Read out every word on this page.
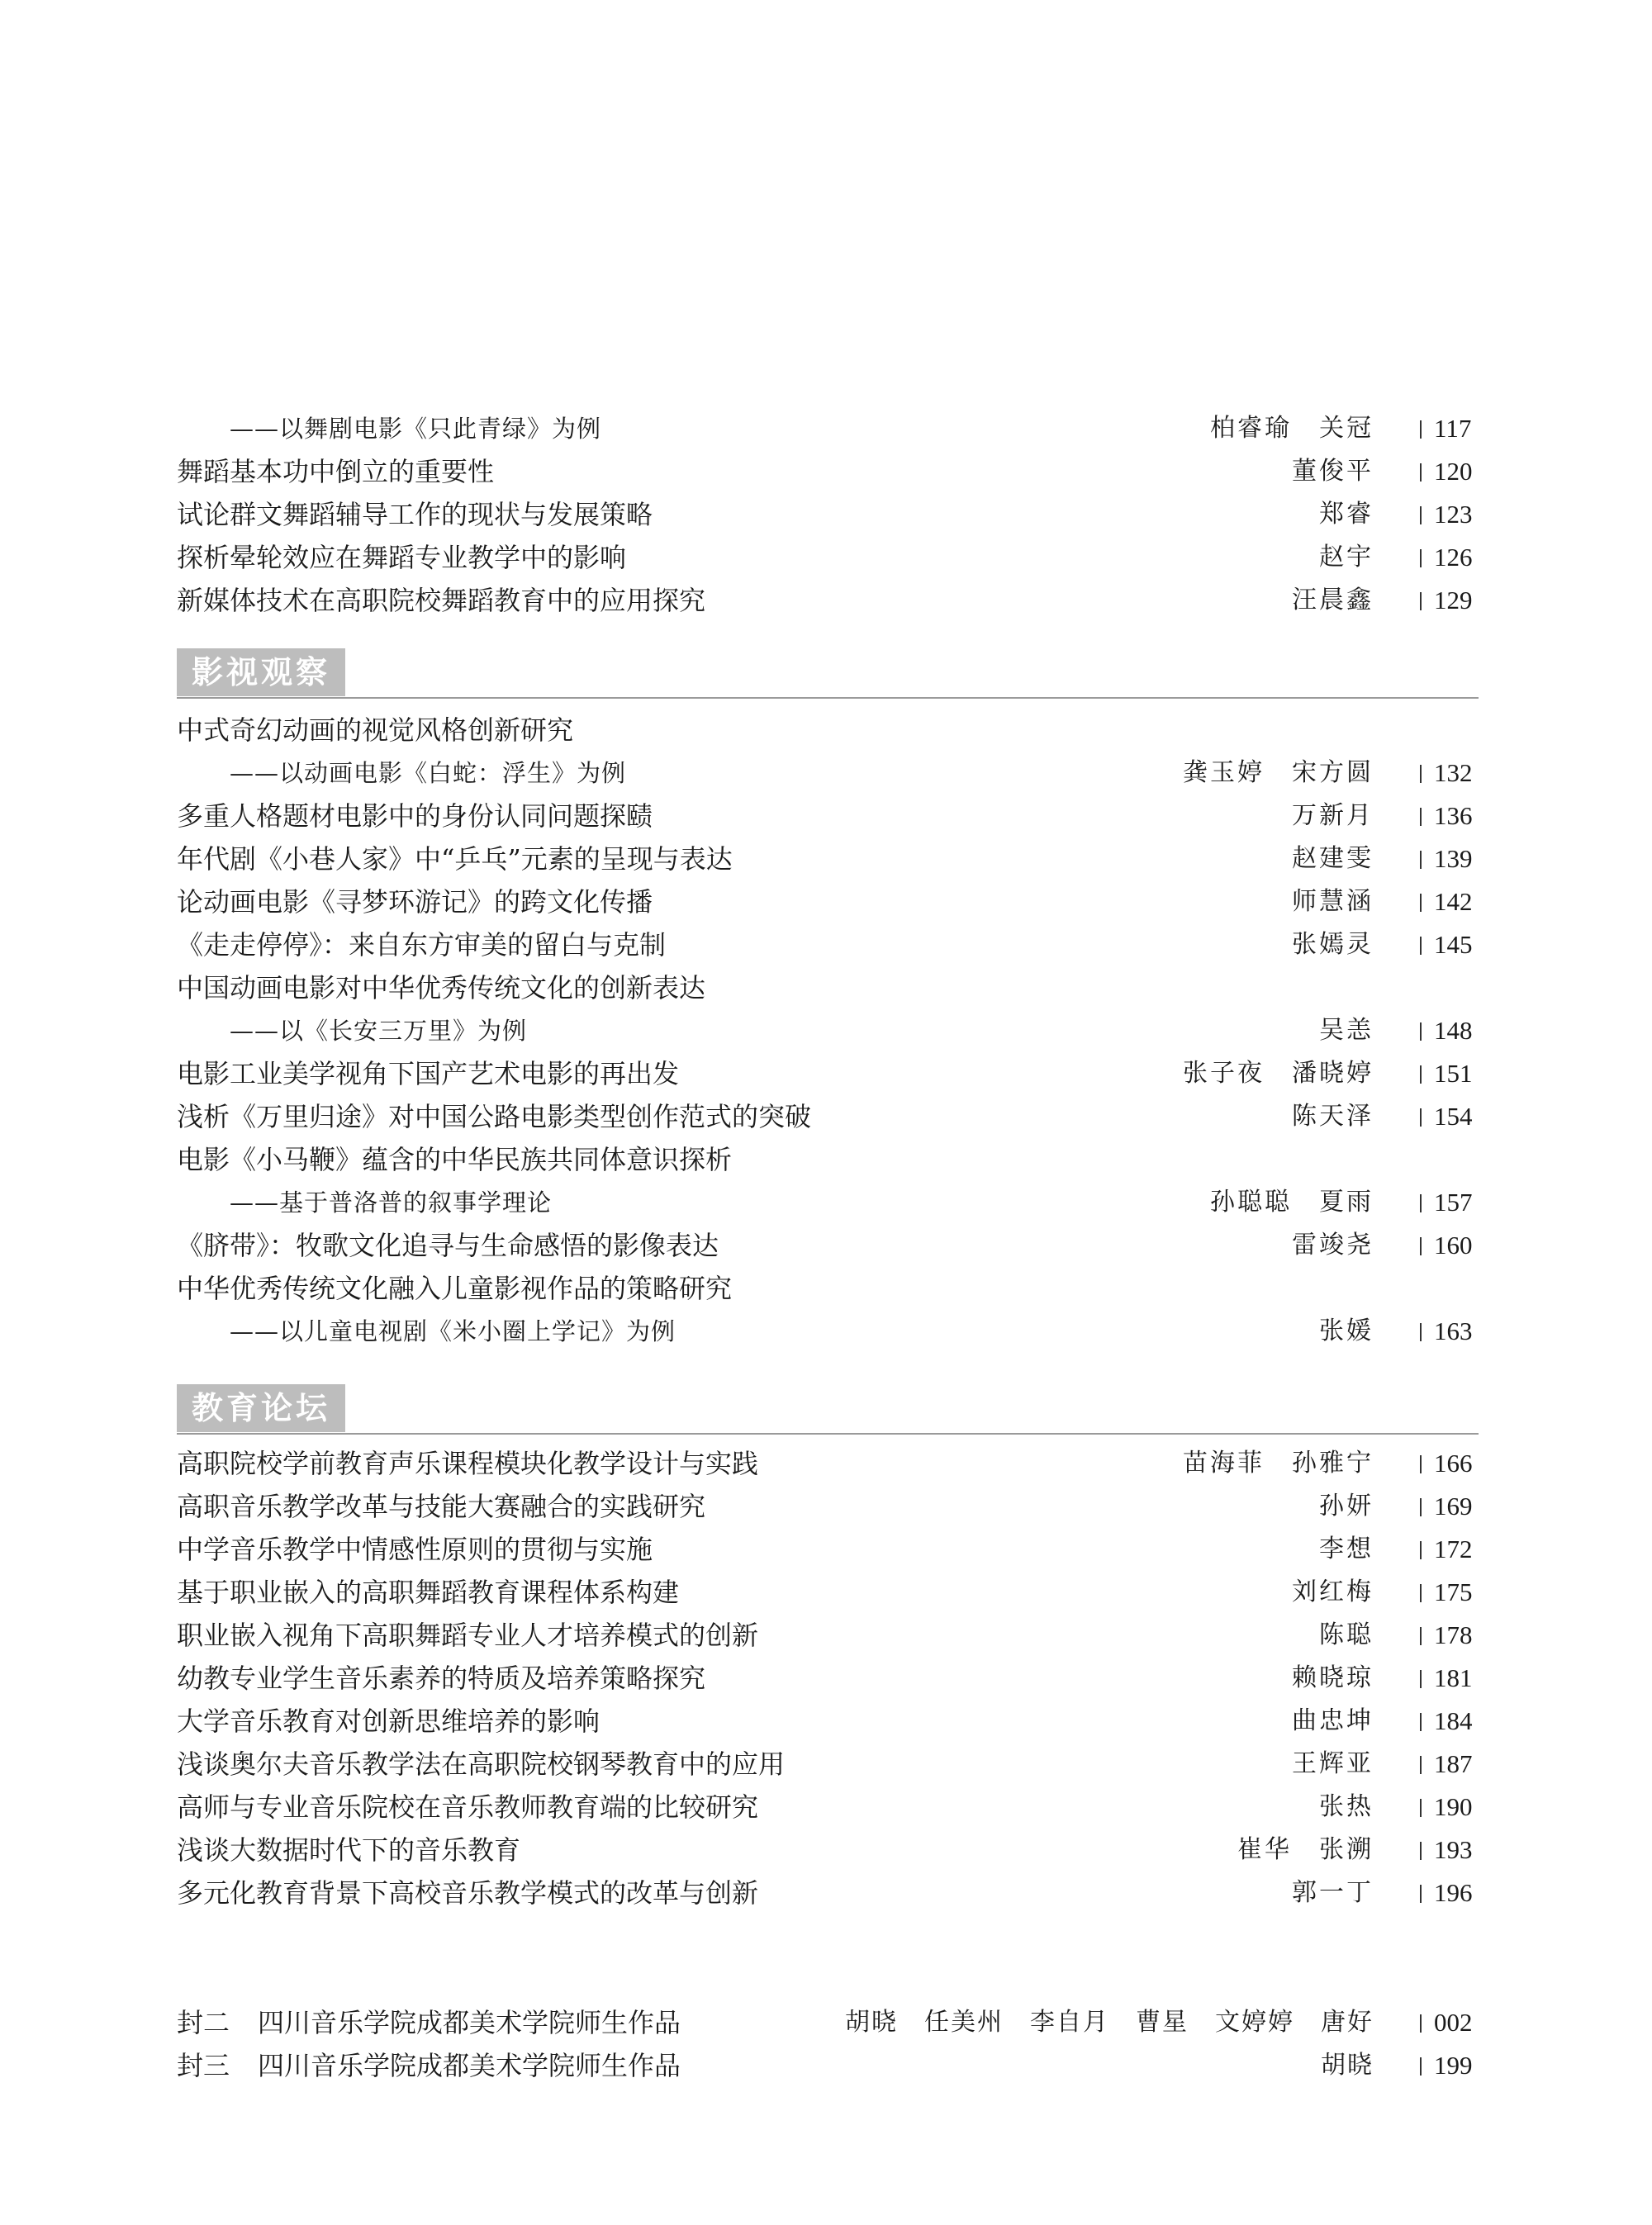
——以舞剧电影《只此青绿》为例	柏睿瑜　关冠 117
舞蹈基本功中倒立的重要性	董俊平 120
试论群文舞蹈辅导工作的现状与发展策略	郑睿 123
探析晕轮效应在舞蹈专业教学中的影响	赵宇 126
新媒体技术在高职院校舞蹈教育中的应用探究	汪晨鑫 129
影视观察
中式奇幻动画的视觉风格创新研究
——以动画电影《白蛇：浮生》为例	龚玉婷　宋方圆 132
多重人格题材电影中的身份认同问题探赜	万新月 136
年代剧《小巷人家》中“乒乓”元素的呈现与表达	赵建雯 139
论动画电影《寻梦环游记》的跨文化传播	师慧涵 142
《走走停停》：来自东方审美的留白与克制	张嫣灵 145
中国动画电影对中华优秀传统文化的创新表达
——以《长安三万里》为例	吴恙 148
电影工业美学视角下国产艺术电影的再出发	张子夜　潘晓婷 151
浅析《万里归途》对中国公路电影类型创作范式的突破	陈天泽 154
电影《小马鞭》蕴含的中华民族共同体意识探析
——基于普洛普的叙事学理论	孙聪聪　夏雨 157
《脐带》：牧歌文化追寻与生命感悟的影像表达	雷竣尧 160
中华优秀传统文化融入儿童影视作品的策略研究
——以儿童电视剧《米小圈上学记》为例	张媛 163
教育论坛
高职院校学前教育声乐课程模块化教学设计与实践	苗海菲　孙雅宁 166
高职音乐教学改革与技能大赛融合的实践研究	孙妍 169
中学音乐教学中情感性原则的贯彻与实施	李想 172
基于职业嵌入的高职舞蹈教育课程体系构建	刘红梅 175
职业嵌入视角下高职舞蹈专业人才培养模式的创新	陈聪 178
幼教专业学生音乐素养的特质及培养策略探究	赖晓琼 181
大学音乐教育对创新思维培养的影响	曲忠坤 184
浅谈奥尔夫音乐教学法在高职院校钢琴教育中的应用	王辉亚 187
高师与专业音乐院校在音乐教师教育端的比较研究	张热 190
浅谈大数据时代下的音乐教育	崔华　张溯 193
多元化教育背景下高校音乐教学模式的改革与创新	郭一丁 196
封二 四川音乐学院成都美术学院师生作品	胡晓　任美州　李自月　曹星　文婷婷　唐好 002
封三 四川音乐学院成都美术学院师生作品	胡晓 199
